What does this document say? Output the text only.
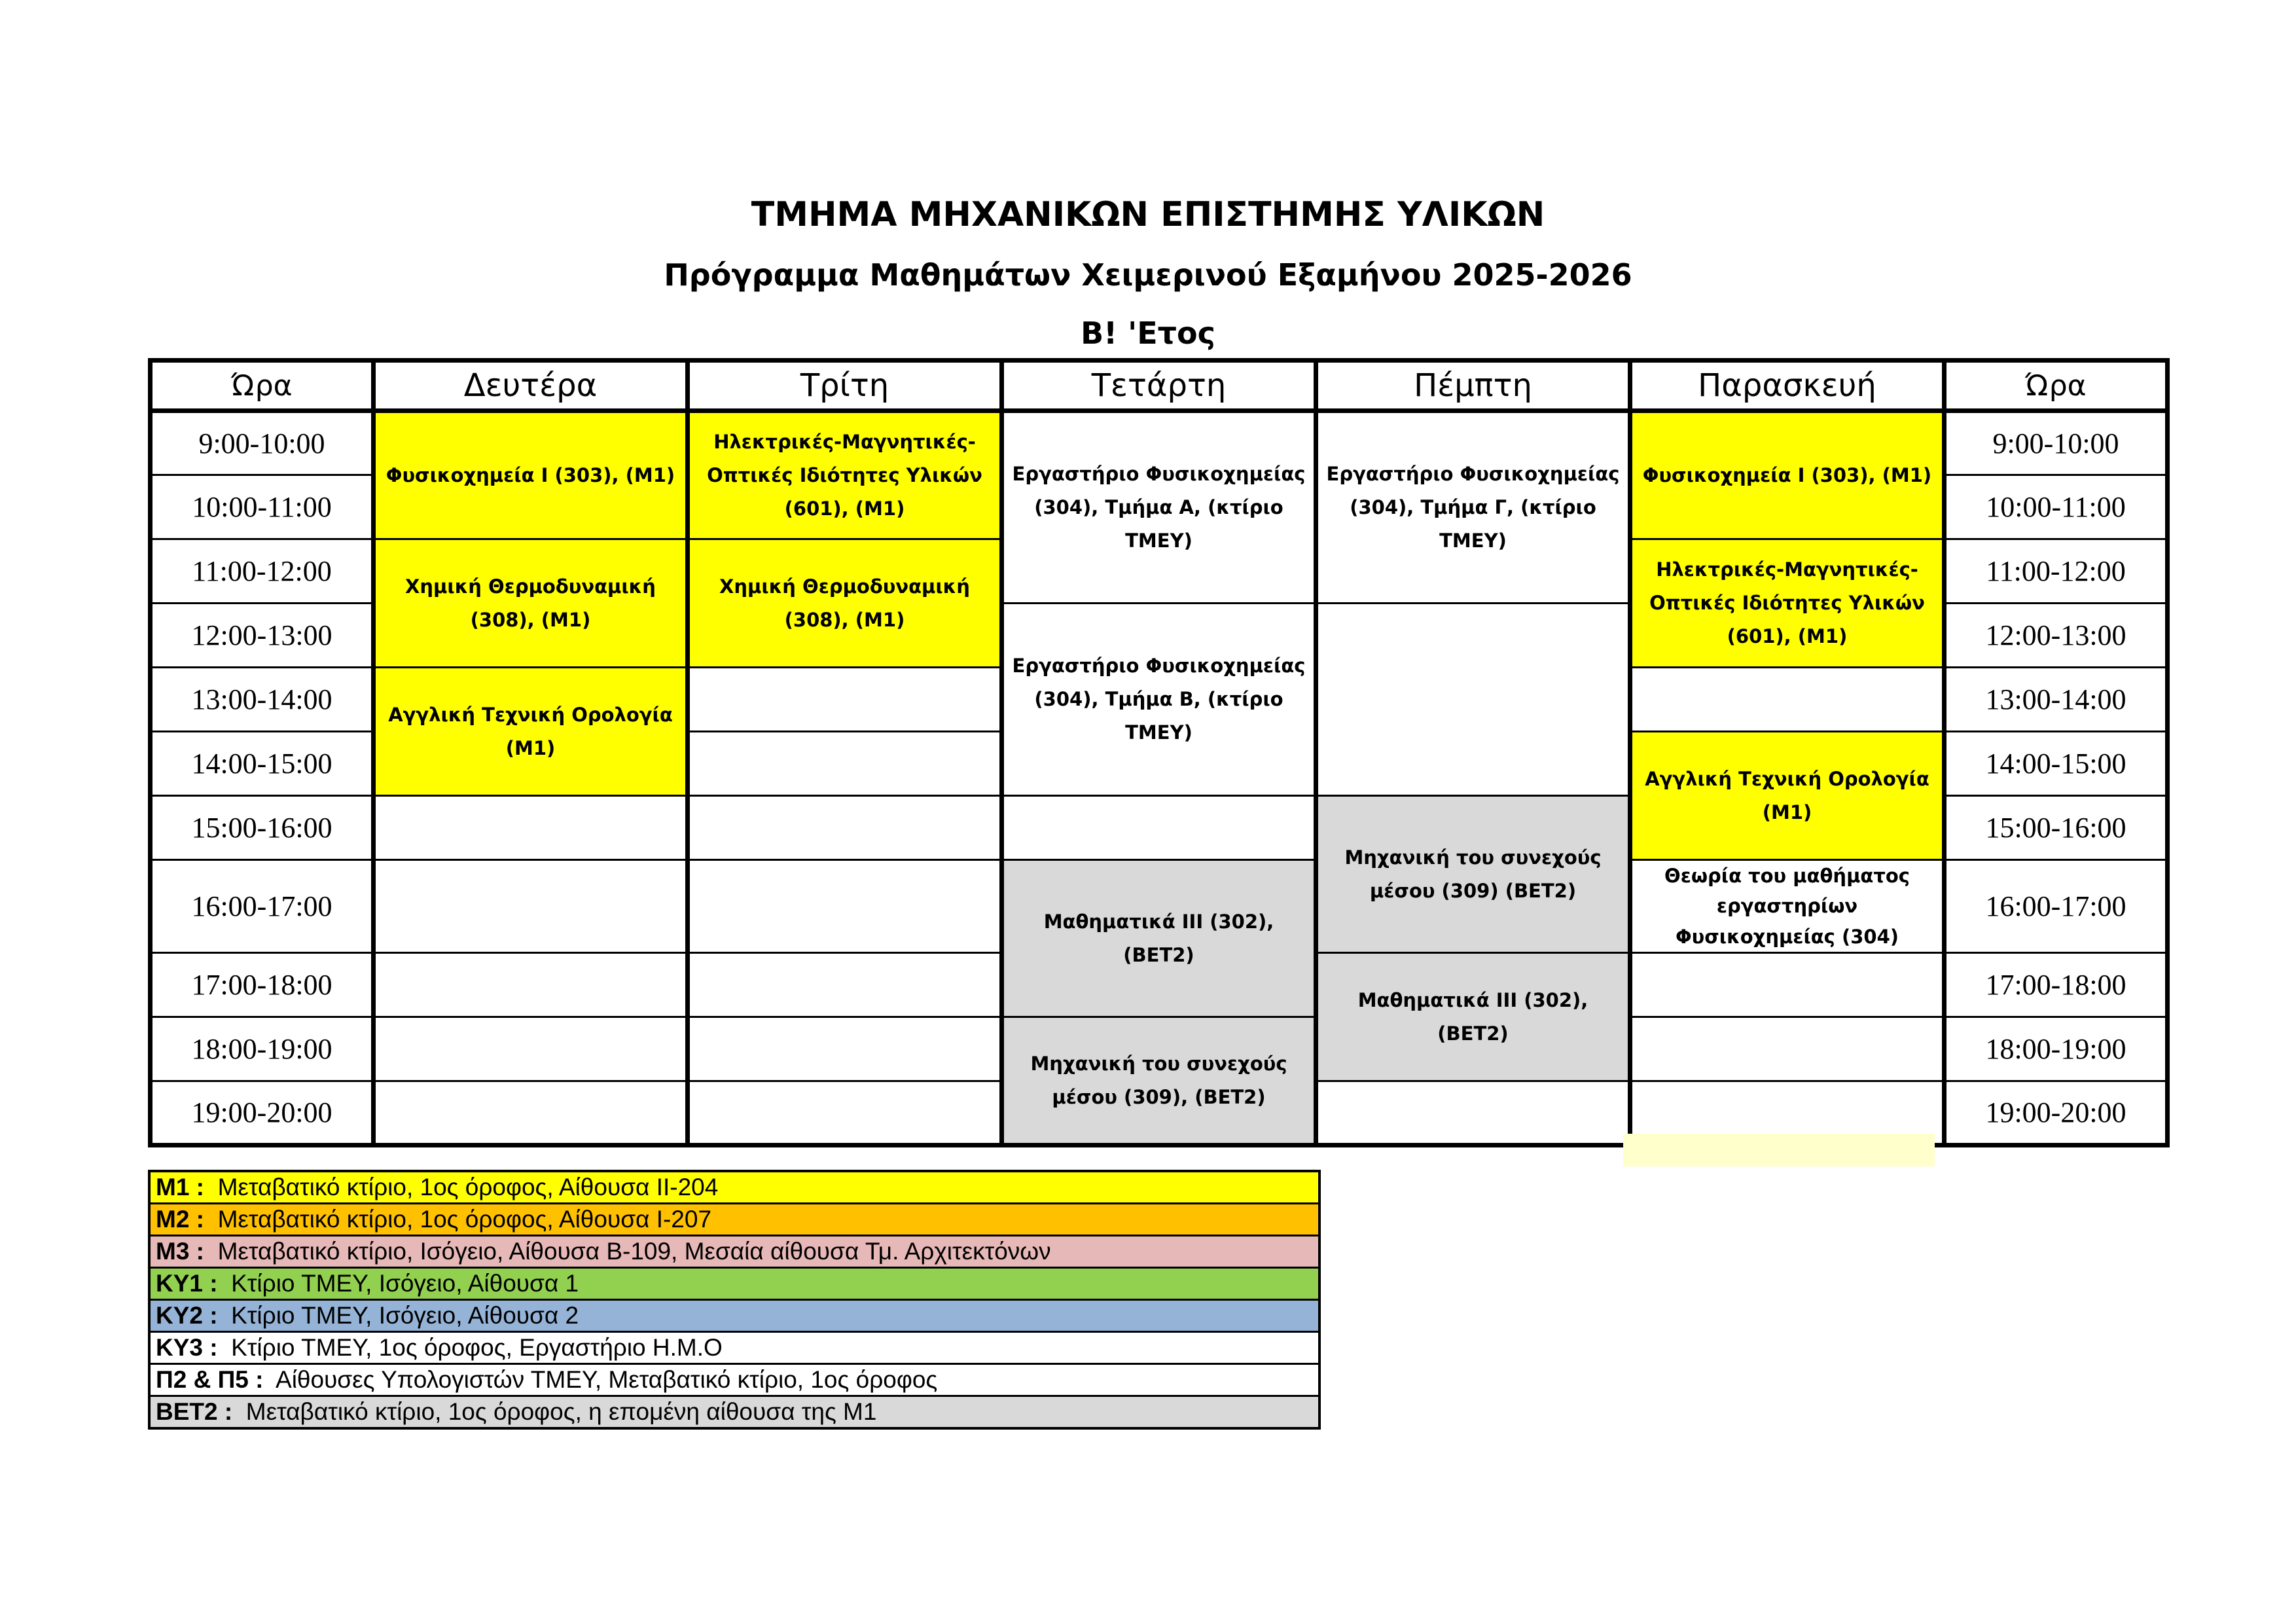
ΤΜΗΜΑ ΜΗΧΑΝΙΚΩΝ ΕΠΙΣΤΗΜΗΣ ΥΛΙΚΩΝ
Πρόγραμμα Μαθημάτων Χειμερινού Εξαμήνου 2025-2026
Β! 'Ετος
Ώρα	Δευτέρα	Τρίτη	Τετάρτη	Πέμπτη	Παρασκευή	Ώρα
9:00-10:00	Φυσικοχημεία Ι (303), (Μ1)	Ηλεκτρικές-Μαγνητικές-Οπτικές Ιδιότητες Υλικών (601), (Μ1)	Εργαστήριο Φυσικοχημείας (304), Τμήμα Α, (κτίριο ΤΜΕΥ)	Εργαστήριο Φυσικοχημείας (304), Τμήμα Γ, (κτίριο ΤΜΕΥ)	Φυσικοχημεία Ι (303), (Μ1)	9:00-10:00
10:00-11:00						10:00-11:00
11:00-12:00	Χημική Θερμοδυναμική (308), (Μ1)	Χημική Θερμοδυναμική (308), (Μ1)			Ηλεκτρικές-Μαγνητικές-Οπτικές Ιδιότητες Υλικών (601), (Μ1)	11:00-12:00
12:00-13:00			Εργαστήριο Φυσικοχημείας (304), Τμήμα Β, (κτίριο ΤΜΕΥ)			12:00-13:00
13:00-14:00	Αγγλική Τεχνική Ορολογία (Μ1)					13:00-14:00
14:00-15:00					Αγγλική Τεχνική Ορολογία (Μ1)	14:00-15:00
15:00-16:00				Μηχανική του συνεχούς μέσου (309) (ΒΕΤ2)		15:00-16:00
16:00-17:00			Μαθηματικά ΙΙΙ (302), (ΒΕΤ2)		Θεωρία του μαθήματος εργαστηρίων Φυσικοχημείας (304)	16:00-17:00
17:00-18:00				Μαθηματικά ΙΙΙ (302), (ΒΕΤ2)		17:00-18:00
18:00-19:00			Μηχανική του συνεχούς μέσου (309), (ΒΕΤ2)			18:00-19:00
19:00-20:00						19:00-20:00
Μ1 : Μεταβατικό κτίριο, 1ος όροφος, Αίθουσα ΙΙ-204
Μ2 : Μεταβατικό κτίριο, 1ος όροφος, Αίθουσα Ι-207
Μ3 : Μεταβατικό κτίριο, Ισόγειο, Αίθουσα Β-109, Μεσαία αίθουσα Τμ. Αρχιτεκτόνων
ΚΥ1 : Κτίριο ΤΜΕΥ, Ισόγειο, Αίθουσα 1
ΚΥ2 : Κτίριο ΤΜΕΥ, Ισόγειο, Αίθουσα 2
ΚΥ3 : Κτίριο ΤΜΕΥ, 1ος όροφος, Εργαστήριο Η.Μ.Ο
Π2 & Π5 : Αίθουσες Υπολογιστών ΤΜΕΥ, Μεταβατικό κτίριο, 1ος όροφος
ΒΕΤ2 : Μεταβατικό κτίριο, 1ος όροφος, η επομένη αίθουσα της Μ1
